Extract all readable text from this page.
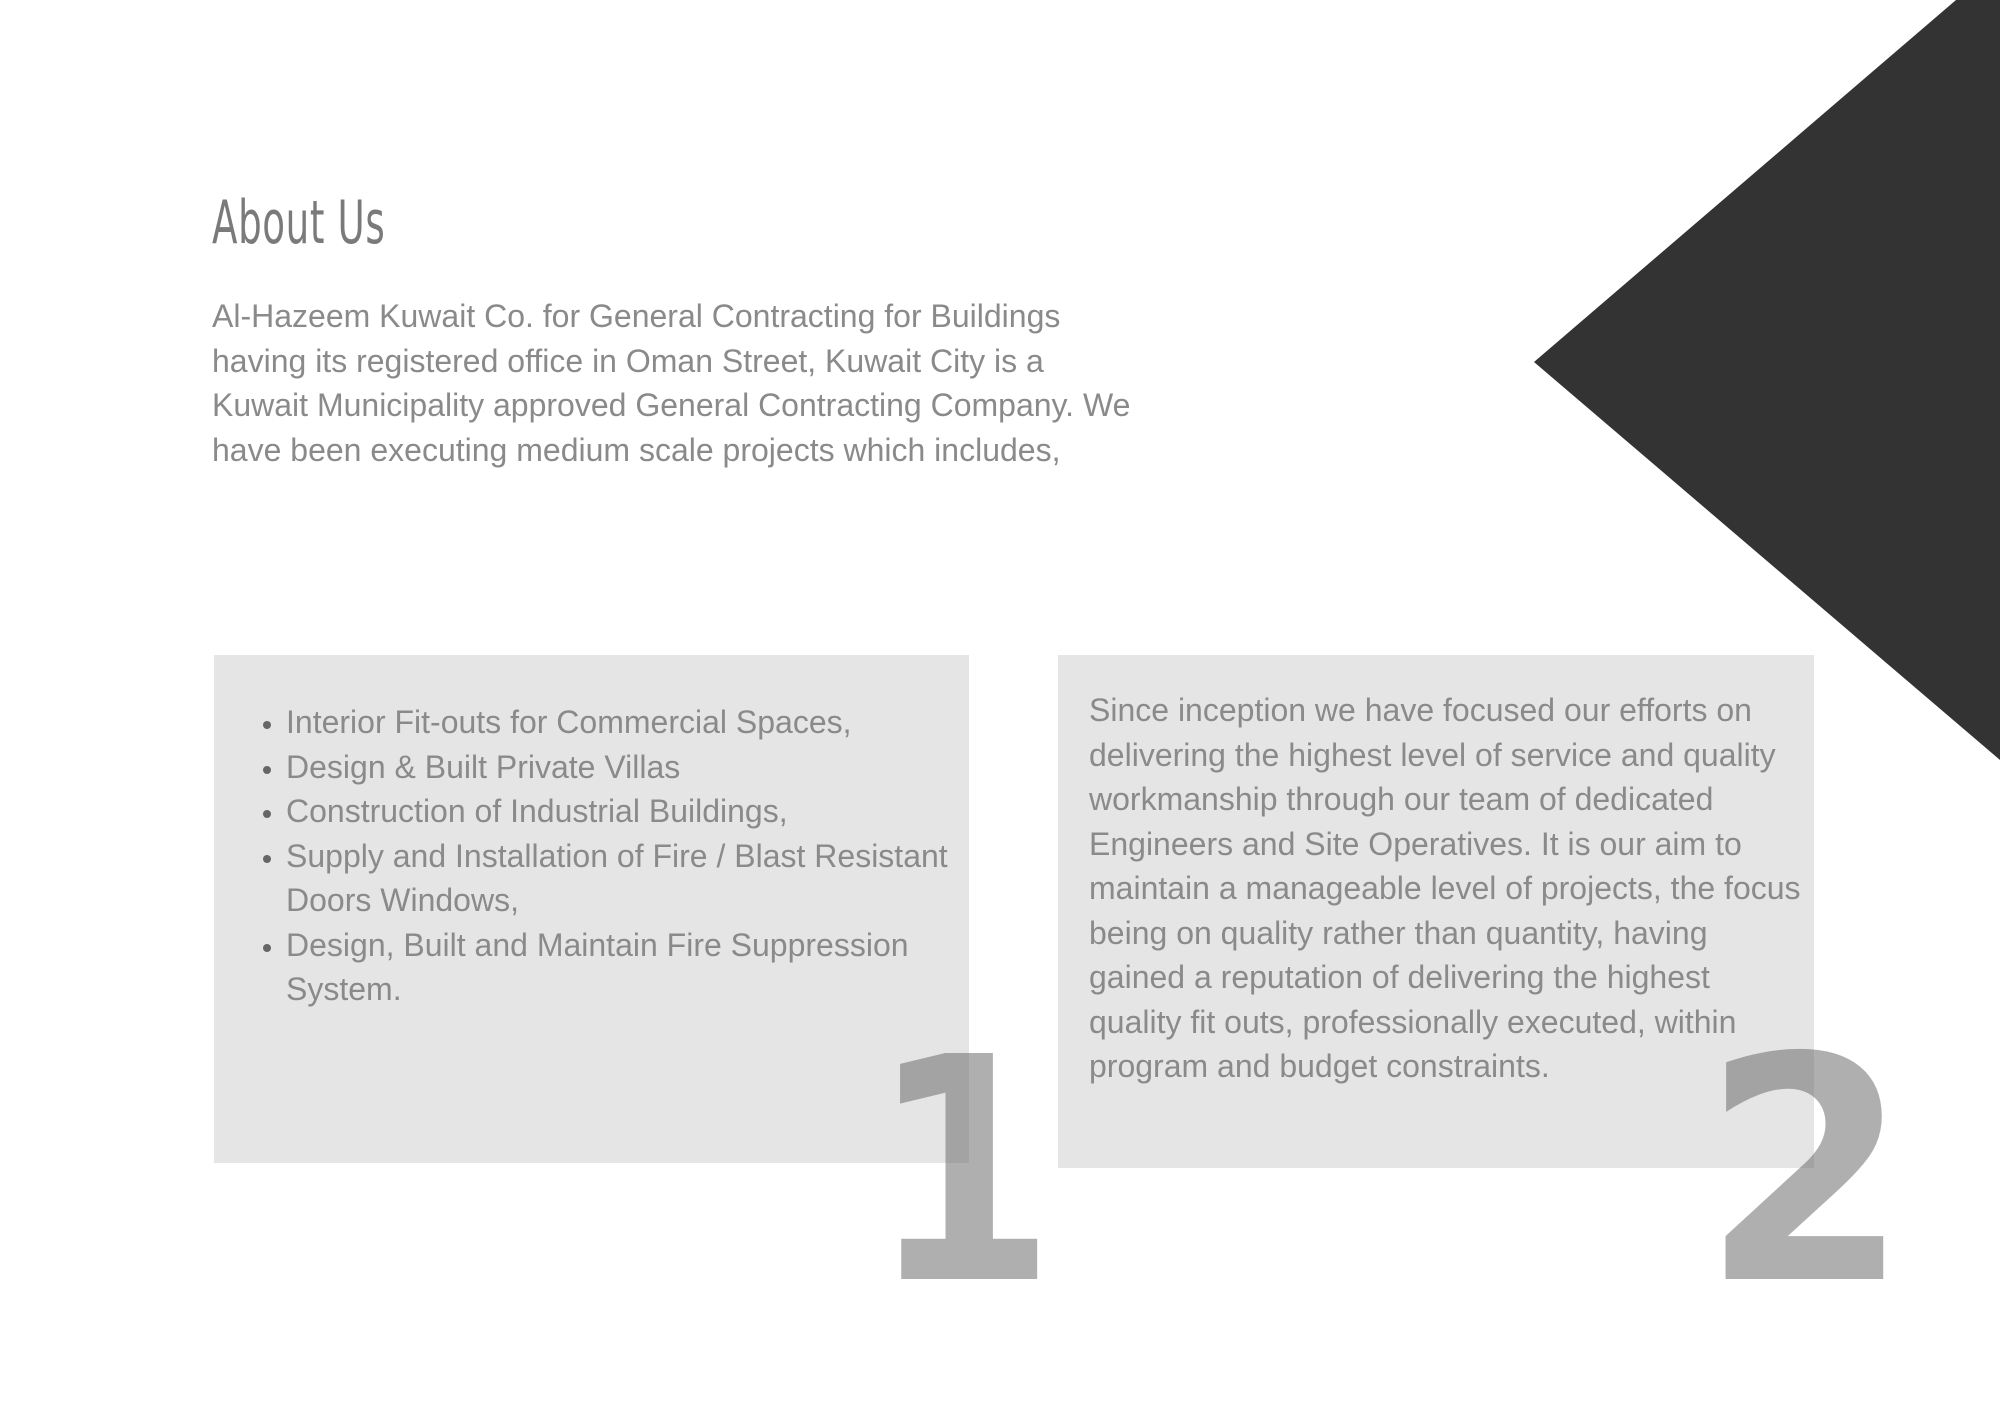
About Us

Al-Hazeem Kuwait Co. for General Contracting for Buildings having its registered office in Oman Street, Kuwait City is a Kuwait Municipality approved General Contracting Company. We have been executing medium scale projects which includes,

• Interior Fit-outs for Commercial Spaces,
• Design & Built Private Villas
• Construction of Industrial Buildings,
• Supply and Installation of Fire / Blast Resistant Doors Windows,
• Design, Built and Maintain Fire Suppression System.
1

Since inception we have focused our efforts on delivering the highest level of service and quality workmanship through our team of dedicated Engineers and Site Operatives. It is our aim to maintain a manageable level of projects, the focus being on quality rather than quantity, having gained a reputation of delivering the highest quality fit outs, professionally executed, within program and budget constraints. 2
